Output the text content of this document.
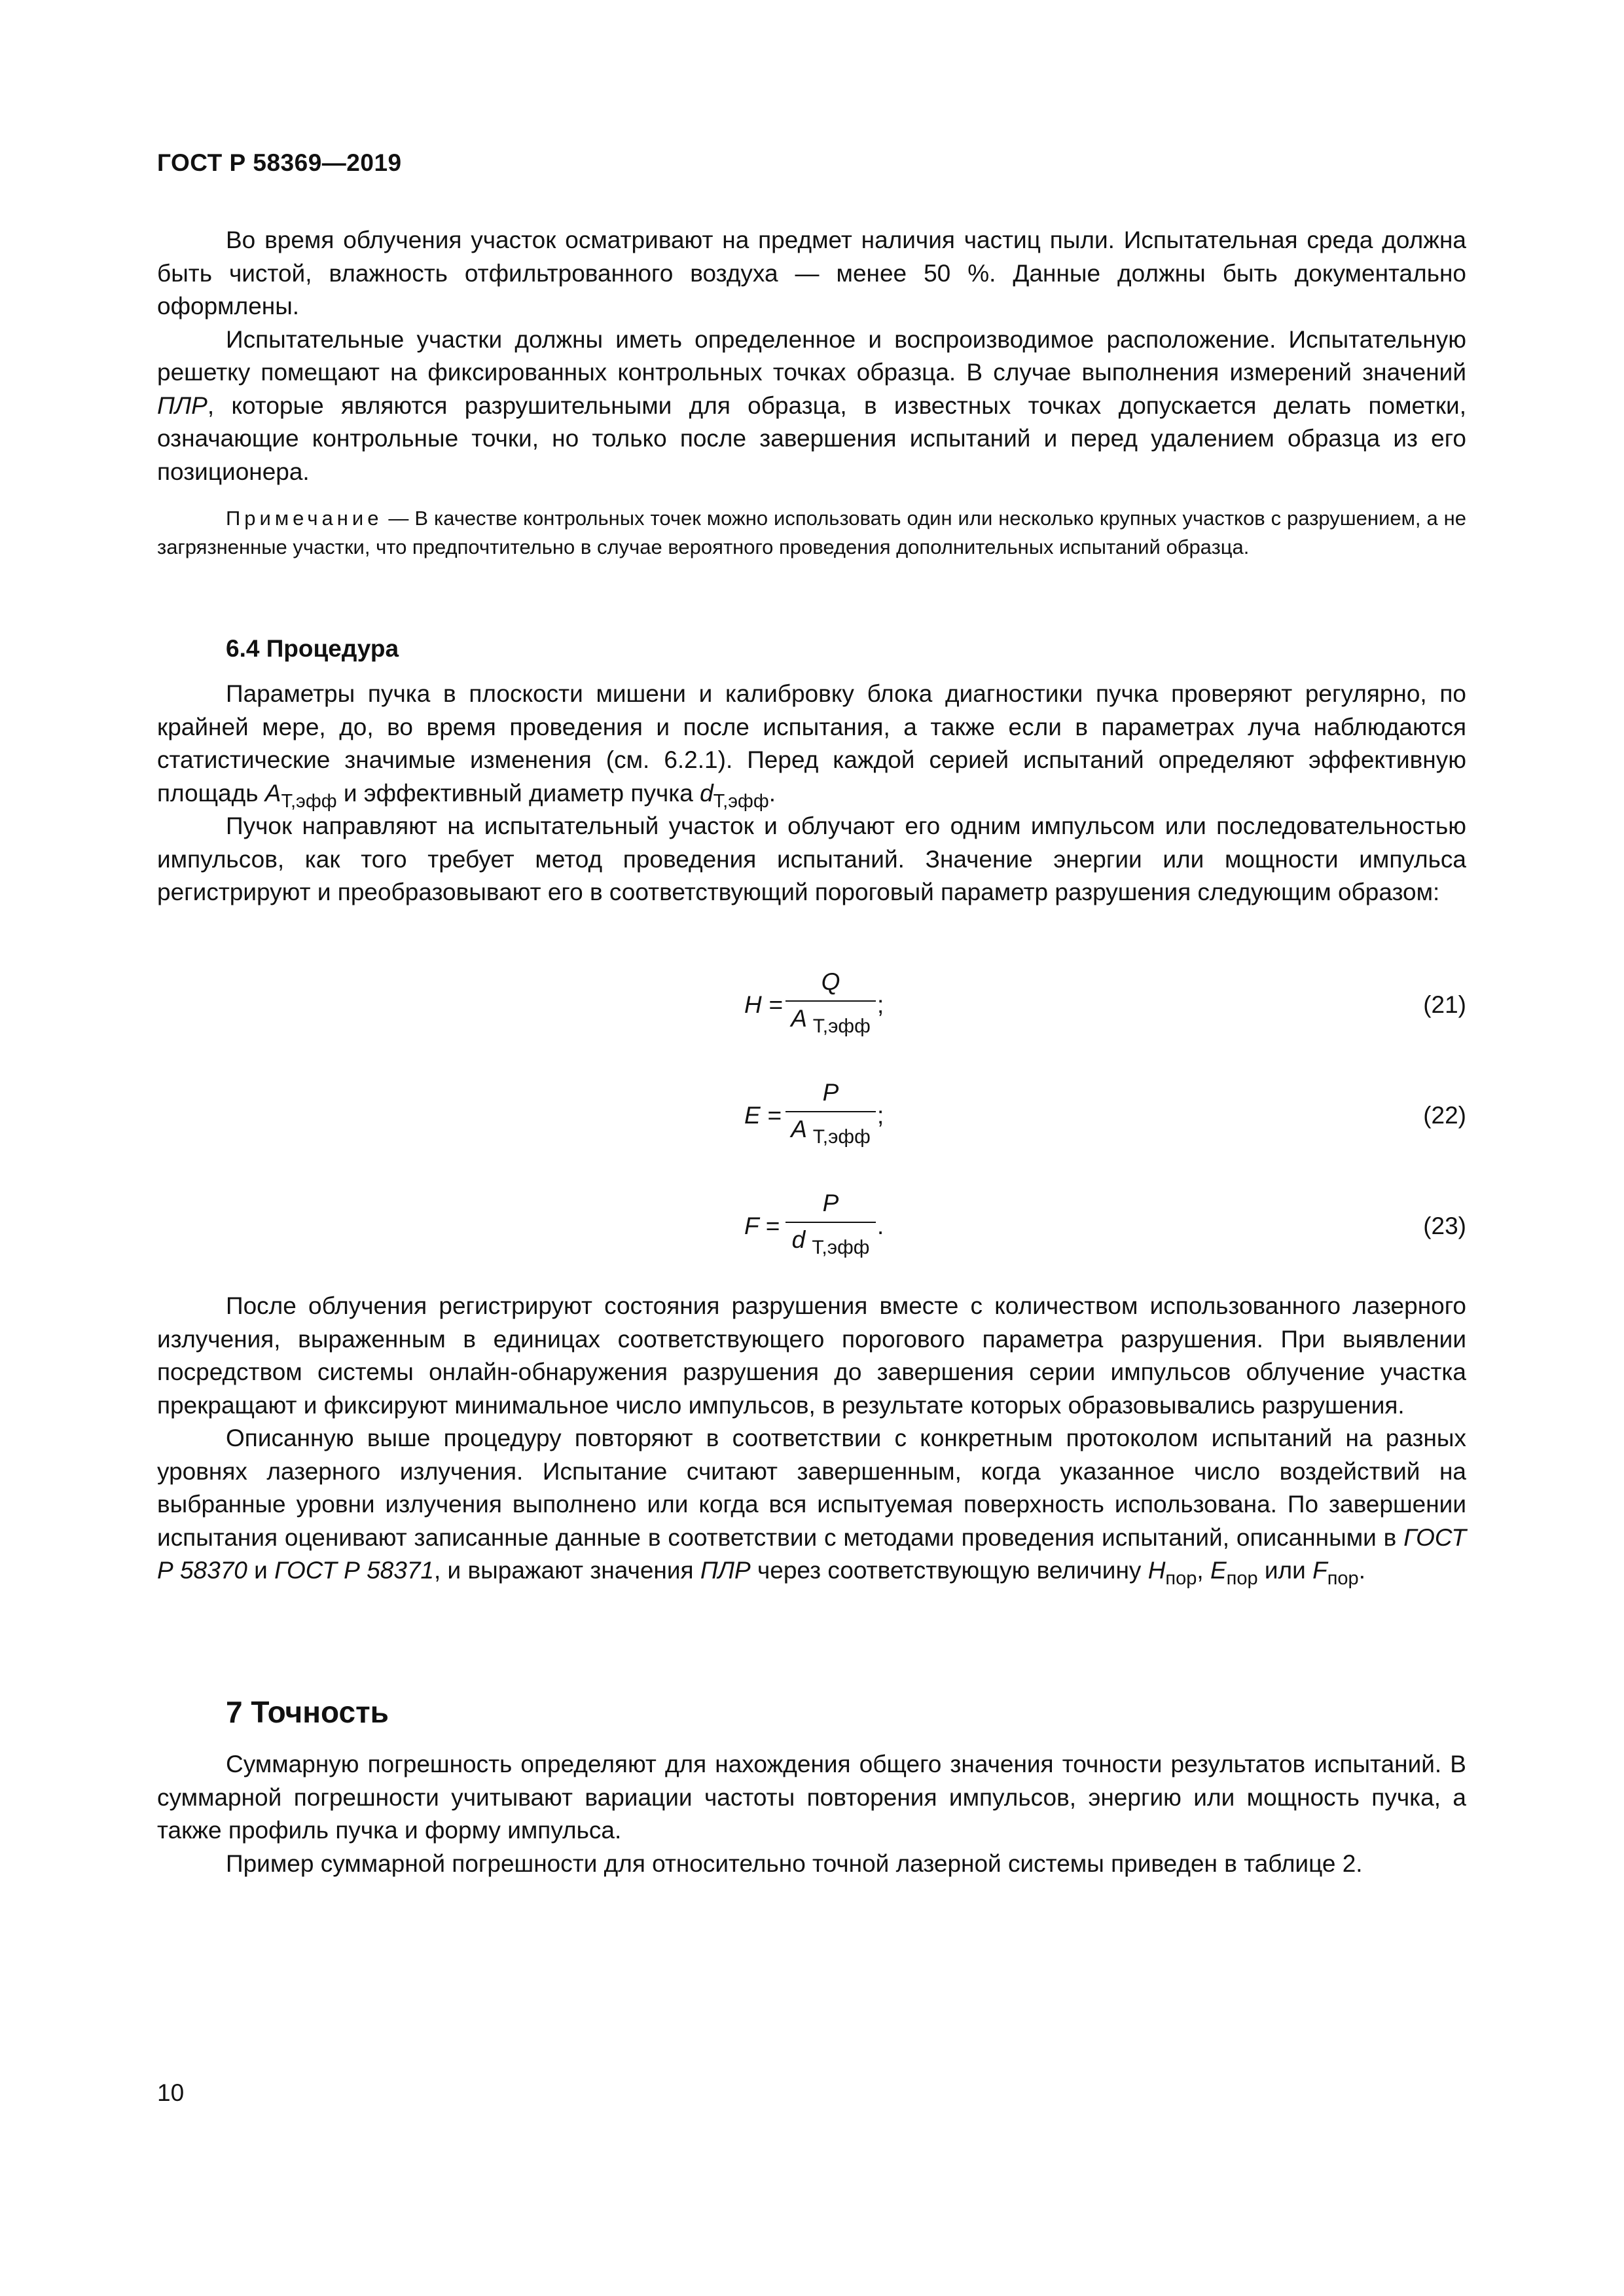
ГОСТ Р 58369—2019

Во время облучения участок осматривают на предмет наличия частиц пыли. Испытательная среда должна быть чистой, влажность отфильтрованного воздуха — менее 50 %. Данные должны быть документально оформлены.

Испытательные участки должны иметь определенное и воспроизводимое расположение. Испытательную решетку помещают на фиксированных контрольных точках образца. В случае выполнения измерений значений ПЛР, которые являются разрушительными для образца, в известных точках допускается делать пометки, означающие контрольные точки, но только после завершения испытаний и перед удалением образца из его позиционера.

Примечание — В качестве контрольных точек можно использовать один или несколько крупных участков с разрушением, а не загрязненные участки, что предпочтительно в случае вероятного проведения дополнительных испытаний образца.
6.4 Процедура

Параметры пучка в плоскости мишени и калибровку блока диагностики пучка проверяют регулярно, по крайней мере, до, во время проведения и после испытания, а также если в параметрах луча наблюдаются статистические значимые изменения (см. 6.2.1). Перед каждой серией испытаний определяют эффективную площадь $A_{Т,эфф}$ и эффективный диаметр пучка $d_{Т,эфф}$.

Пучок направляют на испытательный участок и облучают его одним импульсом или последовательностью импульсов, как того требует метод проведения испытаний. Значение энергии или мощности импульса регистрируют и преобразовывают его в соответствующий пороговый параметр разрушения следующим образом:

H =
Q
A $_{Т,эфф}$
;	(21)
E =
P
A $_{Т,эфф}$
;	(22)
F =
P
d $_{Т,эфф}$
.	(23)

После облучения регистрируют состояния разрушения вместе с количеством использованного лазерного излучения, выраженным в единицах соответствующего порогового параметра разрушения. При выявлении посредством системы онлайн-обнаружения разрушения до завершения серии импульсов облучение участка прекращают и фиксируют минимальное число импульсов, в результате которых образовывались разрушения.

Описанную выше процедуру повторяют в соответствии с конкретным протоколом испытаний на разных уровнях лазерного излучения. Испытание считают завершенным, когда указанное число воздействий на выбранные уровни излучения выполнено или когда вся испытуемая поверхность использована. По завершении испытания оценивают записанные данные в соответствии с методами проведения испытаний, описанными в ГОСТ Р 58370 и ГОСТ Р 58371, и выражают значения ПЛР через соответствующую величину $H_{пор}$, $E_{пор}$ или $F_{пор}$.

7 Точность

Суммарную погрешность определяют для нахождения общего значения точности результатов испытаний. В суммарной погрешности учитывают вариации частоты повторения импульсов, энергию или мощность пучка, а также профиль пучка и форму импульса.

Пример суммарной погрешности для относительно точной лазерной системы приведен в таблице 2.

10
